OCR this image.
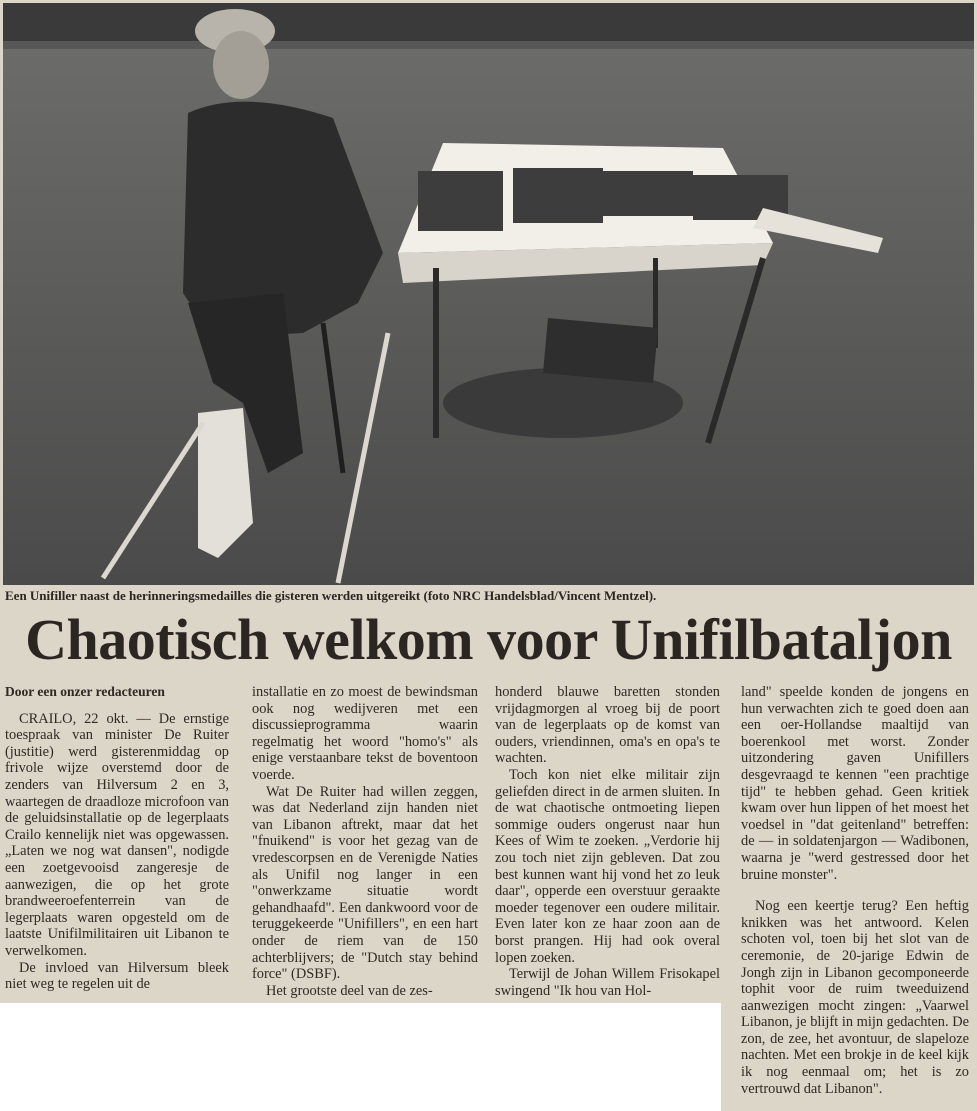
Een Unifiller naast de herinneringsmedailles die gisteren werden uitgereikt (foto NRC Handelsblad/Vincent Mentzel).
Chaotisch welkom voor Unifilbataljon

Door een onzer redacteuren

CRAILO, 22 okt. — De ernstige toespraak van minister De Ruiter (justitie) werd gisterenmiddag op frivole wijze overstemd door de zenders van Hilversum 2 en 3, waartegen de draadloze microfoon van de geluidsinstallatie op de legerplaats Crailo kennelijk niet was opgewassen. „Laten we nog wat dansen", nodigde een zoetgevooisd zangeresje de aanwezigen, die op het grote brandweeroefenterrein van de legerplaats waren opgesteld om de laatste Unifilmilitairen uit Libanon te verwelkomen.

De invloed van Hilversum bleek niet weg te regelen uit de

installatie en zo moest de bewindsman ook nog wedijveren met een discussieprogramma waarin regelmatig het woord "homo's" als enige verstaanbare tekst de boventoon voerde.

Wat De Ruiter had willen zeggen, was dat Nederland zijn handen niet van Libanon aftrekt, maar dat het "fnuikend" is voor het gezag van de vredescorpsen en de Verenigde Naties als Unifil nog langer in een "onwerkzame situatie wordt gehandhaafd". Een dankwoord voor de teruggekeerde "Unifillers", en een hart onder de riem van de 150 achterblijvers; de "Dutch stay behind force" (DSBF).

Het grootste deel van de zes-

honderd blauwe baretten stonden vrijdagmorgen al vroeg bij de poort van de legerplaats op de komst van ouders, vriendinnen, oma's en opa's te wachten.

Toch kon niet elke militair zijn geliefden direct in de armen sluiten. In de wat chaotische ontmoeting liepen sommige ouders ongerust naar hun Kees of Wim te zoeken. „Verdorie hij zou toch niet zijn gebleven. Dat zou best kunnen want hij vond het zo leuk daar", opperde een overstuur geraakte moeder tegenover een oudere militair. Even later kon ze haar zoon aan de borst prangen. Hij had ook overal lopen zoeken.

Terwijl de Johan Willem Frisokapel swingend "Ik hou van Hol-

land" speelde konden de jongens en hun verwachten zich te goed doen aan een oer-Hollandse maaltijd van boerenkool met worst. Zonder uitzondering gaven Unifillers desgevraagd te kennen "een prachtige tijd" te hebben gehad. Geen kritiek kwam over hun lippen of het moest het voedsel in "dat geitenland" betreffen: de — in soldatenjargon — Wadibonen, waarna je "werd gestressed door het bruine monster".

Nog een keertje terug? Een heftig knikken was het antwoord. Kelen schoten vol, toen bij het slot van de ceremonie, de 20-jarige Edwin de Jongh zijn in Libanon gecomponeerde tophit voor de ruim tweeduizend aanwezigen mocht zingen: „Vaarwel Libanon, je blijft in mijn gedachten. De zon, de zee, het avontuur, de slapeloze nachten. Met een brokje in de keel kijk ik nog eenmaal om; het is zo vertrouwd dat Libanon".
